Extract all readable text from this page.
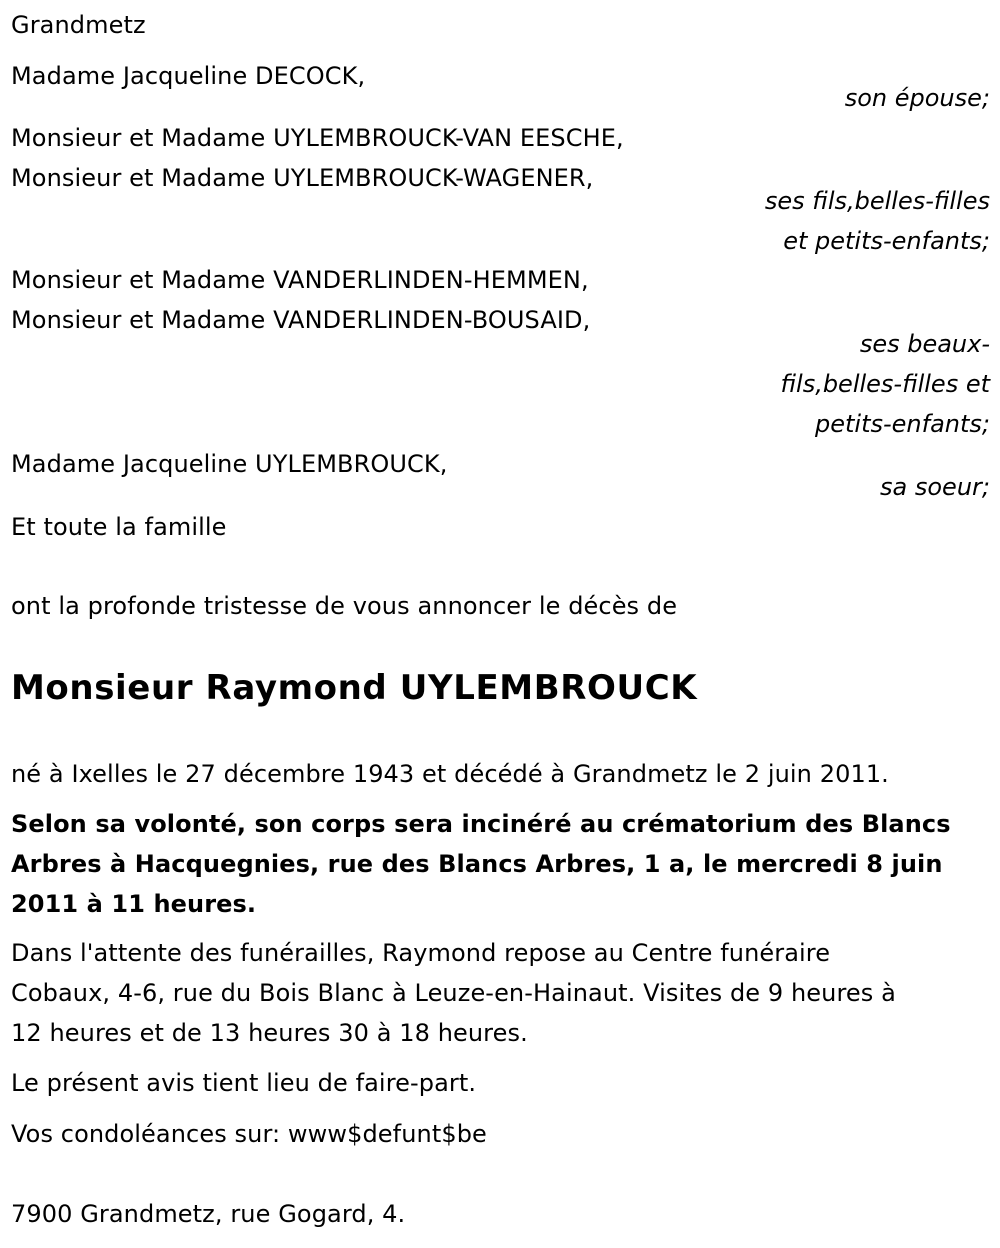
Grandmetz
Madame Jacqueline DECOCK,
son épouse;
Monsieur et Madame UYLEMBROUCK-VAN EESCHE,
Monsieur et Madame UYLEMBROUCK-WAGENER,
ses fils,belles-filles
et petits-enfants;
Monsieur et Madame VANDERLINDEN-HEMMEN,
Monsieur et Madame VANDERLINDEN-BOUSAID,
ses beaux-
fils,belles-filles et
petits-enfants;
Madame Jacqueline UYLEMBROUCK,
sa soeur;
Et toute la famille
ont la profonde tristesse de vous annoncer le décès de
Monsieur Raymond UYLEMBROUCK
né à Ixelles le 27 décembre 1943 et décédé à Grandmetz le 2 juin 2011.
Selon sa volonté, son corps sera incinéré au crématorium des Blancs
Arbres à Hacquegnies, rue des Blancs Arbres, 1 a, le mercredi 8 juin
2011 à 11 heures.
Dans l'attente des funérailles, Raymond repose au Centre funéraire
Cobaux, 4-6, rue du Bois Blanc à Leuze-en-Hainaut. Visites de 9 heures à
12 heures et de 13 heures 30 à 18 heures.
Le présent avis tient lieu de faire-part.
Vos condoléances sur: www$defunt$be
7900 Grandmetz, rue Gogard, 4.
